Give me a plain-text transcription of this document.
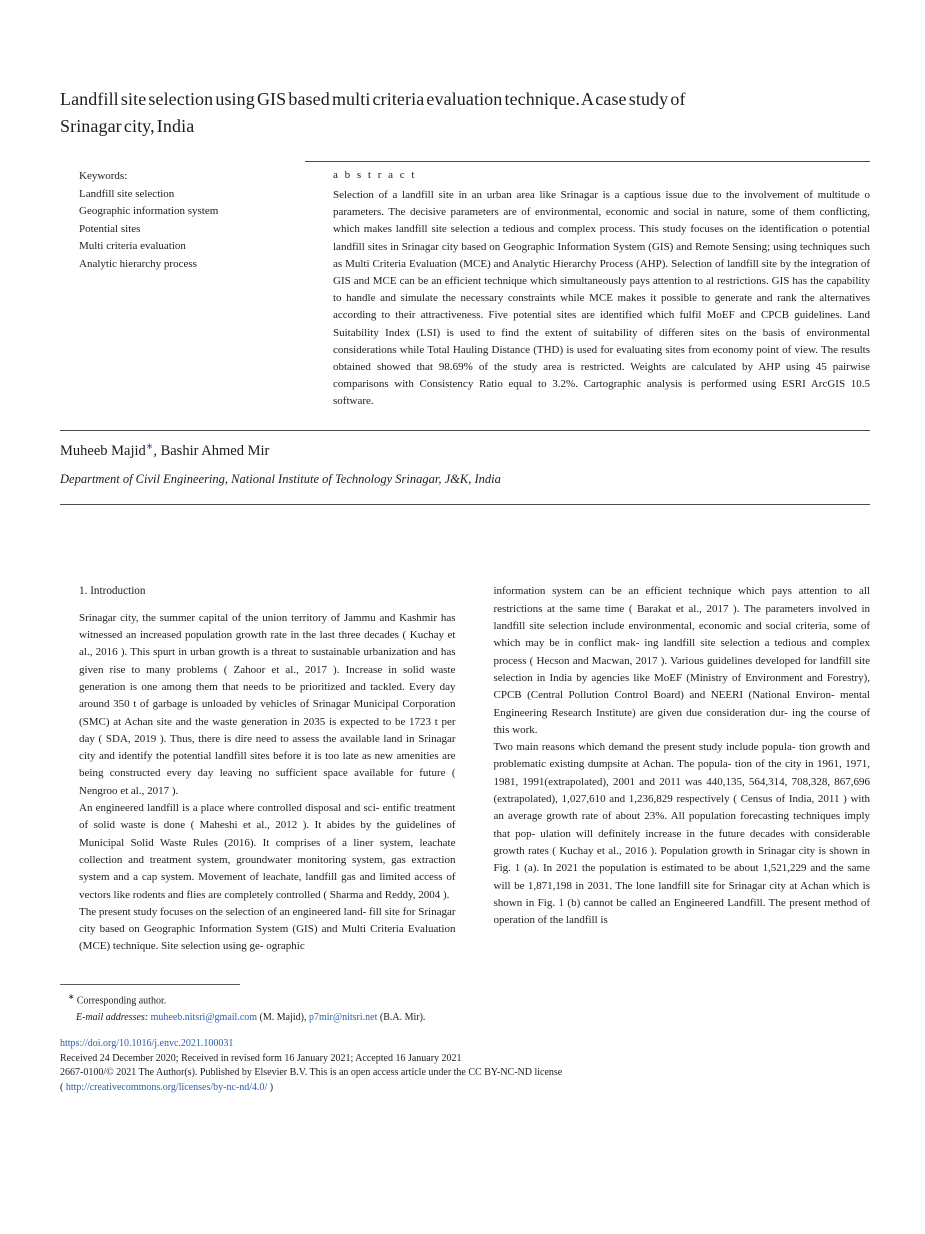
Landfill site selection using GIS based multi criteria evaluation technique. A case study of
Srinagar city, India
Keywords:
Landfill site selection
Geographic information system
Potential sites
Multi criteria evaluation
Analytic hierarchy process
a b s t r a c t
Selection of a landfill site in an urban area like Srinagar is a captious issue due to the involvement of multitude o parameters. The decisive parameters are of environmental, economic and social in nature, some of them conflicting, which makes landfill site selection a tedious and complex process. This study focuses on the identification o potential landfill sites in Srinagar city based on Geographic Information System (GIS) and Remote Sensing; using techniques such as Multi Criteria Evaluation (MCE) and Analytic Hierarchy Process (AHP). Selection of landfill site by the integration of GIS and MCE can be an efficient technique which simultaneously pays attention to al restrictions. GIS has the capability to handle and simulate the necessary constraints while MCE makes it possible to generate and rank the alternatives according to their attractiveness. Five potential sites are identified which fulfil MoEF and CPCB guidelines. Land Suitability Index (LSI) is used to find the extent of suitability of differen sites on the basis of environmental considerations while Total Hauling Distance (THD) is used for evaluating sites from economy point of view. The results obtained showed that 98.69% of the study area is restricted. Weights are calculated by AHP using 45 pairwise comparisons with Consistency Ratio equal to 3.2%. Cartographic analysis is performed using ESRI ArcGIS 10.5 software.
Muheeb Majid∗, Bashir Ahmed Mir
Department of Civil Engineering, National Institute of Technology Srinagar, J&K, India
1. Introduction

Srinagar city, the summer capital of the union territory of Jammu and Kashmir has witnessed an increased population growth rate in the last three decades ( Kuchay et al., 2016 ). This spurt in urban growth is a threat to sustainable urbanization and has given rise to many problems ( Zahoor et al., 2017 ). Increase in solid waste generation is one among them that needs to be prioritized and tackled. Every day around 350 t of garbage is unloaded by vehicles of Srinagar Municipal Corporation (SMC) at Achan site and the waste generation in 2035 is expected to be 1723 t per day ( SDA, 2019 ). Thus, there is dire need to assess the available land in Srinagar city and identify the potential landfill sites before it is too late as new amenities are being constructed every day leaving no sufficient space available for future ( Nengroo et al., 2017 ).

An engineered landfill is a place where controlled disposal and sci- entific treatment of solid waste is done ( Maheshi et al., 2012 ). It abides by the guidelines of Municipal Solid Waste Rules (2016). It comprises of a liner system, leachate collection and treatment system, groundwater monitoring system, gas extraction system and a cap system. Movement of leachate, landfill gas and limited access of vectors like rodents and flies are completely controlled ( Sharma and Reddy, 2004 ).

The present study focuses on the selection of an engineered land- fill site for Srinagar city based on Geographic Information System (GIS) and Multi Criteria Evaluation (MCE) technique. Site selection using ge- ographic

information system can be an efficient technique which pays attention to all restrictions at the same time ( Barakat et al., 2017 ). The parameters involved in landfill site selection include environmental, economic and social criteria, some of which may be in conflict mak- ing landfill site selection a tedious and complex process ( Hecson and Macwan, 2017 ). Various guidelines developed for landfill site selection in India by agencies like MoEF (Ministry of Environment and Forestry), CPCB (Central Pollution Control Board) and NEERI (National Environ- mental Engineering Research Institute) are given due consideration dur- ing the course of this work.

Two main reasons which demand the present study include popula- tion growth and problematic existing dumpsite at Achan. The popula- tion of the city in 1961, 1971, 1981, 1991(extrapolated), 2001 and 2011 was 440,135, 564,314, 708,328, 867,696 (extrapolated), 1,027,610 and 1,236,829 respectively ( Census of India, 2011 ) with an average growth rate of about 23%. All population forecasting techniques imply that pop- ulation will definitely increase in the future decades with considerable growth rates ( Kuchay et al., 2016 ). Population growth in Srinagar city is shown in Fig. 1 (a). In 2021 the population is estimated to be about 1,521,229 and the same will be 1,871,198 in 2031. The lone landfill site for Srinagar city at Achan which is shown in Fig. 1 (b) cannot be called an Engineered Landfill. The present method of operation of the landfill is

∗ Corresponding author.

E-mail addresses: muheeb.nitsri@gmail.com (M. Majid), p7mir@nitsri.net (B.A. Mir).

https://doi.org/10.1016/j.envc.2021.100031

Received 24 December 2020; Received in revised form 16 January 2021; Accepted 16 January 2021

2667-0100/© 2021 The Author(s). Published by Elsevier B.V. This is an open access article under the CC BY-NC-ND license

( http://creativecommons.org/licenses/by-nc-nd/4.0/ )
